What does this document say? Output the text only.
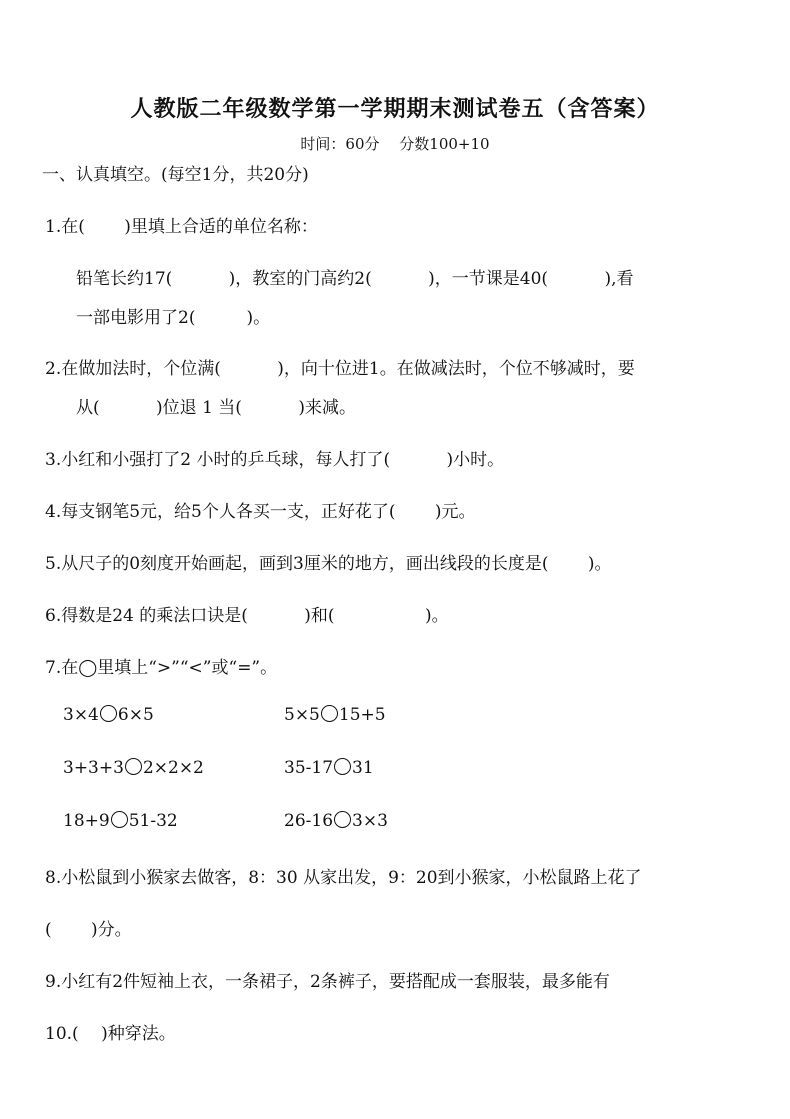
人教版二年级数学第一学期期末测试卷五（含答案）
时间：60分　 分数100+10
一、认真填空。(每空1分，共20分)
1.在(　　 )里填上合适的单位名称：
铅笔长约17(　　　 )，教室的门高约2(　　　 )，一节课是40(　　　 ),看
一部电影用了2(　　　)。
2.在做加法时，个位满(　　　 )，向十位进1。在做减法时，个位不够减时，要
从(　　　 )位退 1 当(　　　 )来减。
3.小红和小强打了2 小时的乒乓球，每人打了(　　　 )小时。
4.每支钢笔5元，给5个人各买一支，正好花了(　　 )元。
5.从尺子的0刻度开始画起，画到3厘米的地方，画出线段的长度是(　　 )。
6.得数是24 的乘法口诀是(　　　 )和(　　　　　 )。
7.在◯里填上“>”“<”或“=”。
3×4 6×5	5×5 15+5
3+3+3 2×2×2	35-17 31
18+9 51-32	26-16 3×3
8.小松鼠到小猴家去做客，8：30 从家出发，9：20到小猴家，小松鼠路上花了
(　　 )分。
9.小红有2件短袖上衣，一条裙子，2条裤子，要搭配成一套服装，最多能有
10.(　 )种穿法。
